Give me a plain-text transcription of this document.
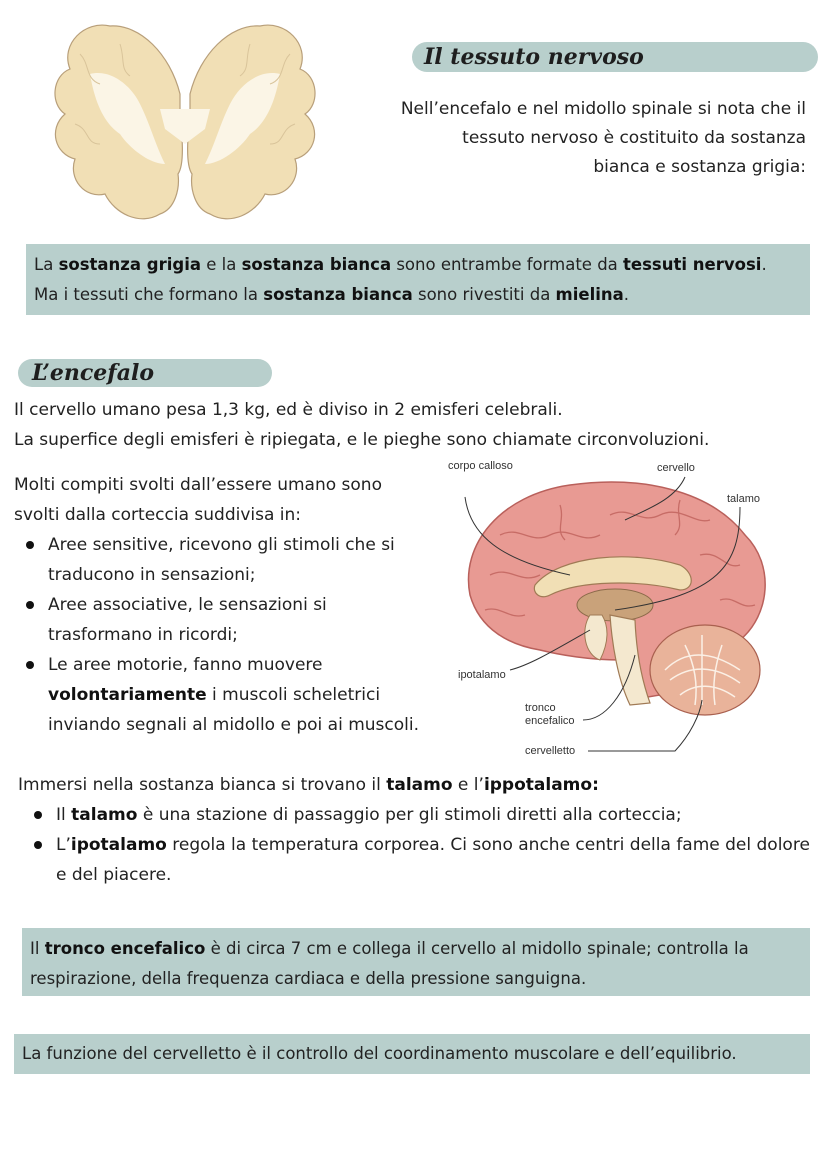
Il tessuto nervoso
Nell’encefalo e nel midollo spinale si nota che il
tessuto nervoso è costituito da sostanza
bianca e sostanza grigia:
La sostanza grigia e la sostanza bianca sono entrambe formate da tessuti nervosi.
Ma i tessuti che formano la sostanza bianca sono rivestiti da mielina.
L’encefalo
Il cervello umano pesa 1,3 kg, ed è diviso in 2 emisferi celebrali.
La superfice degli emisferi è ripiegata, e le pieghe sono chiamate circonvoluzioni.
Molti compiti svolti dall’essere umano sono svolti dalla corteccia suddivisa in:
Aree sensitive, ricevono gli stimoli che si traducono in sensazioni;
Aree associative, le sensazioni si trasformano in ricordi;
Le aree motorie, fanno muovere volontariamente i muscoli scheletrici inviando segnali al midollo e poi ai muscoli.
corpo calloso	cervello
talamo
ipotalamo
tronco
encefalico
cervelletto
Immersi nella sostanza bianca si trovano il talamo e l’ippotalamo:
Il talamo è una stazione di passaggio per gli stimoli diretti alla corteccia;
L’ipotalamo regola la temperatura corporea. Ci sono anche centri della fame del dolore e del piacere.
Il tronco encefalico è di circa 7 cm e collega il cervello al midollo spinale; controlla la respirazione, della frequenza cardiaca e della pressione sanguigna.
La funzione del cervelletto è il controllo del coordinamento muscolare e dell’equilibrio.
